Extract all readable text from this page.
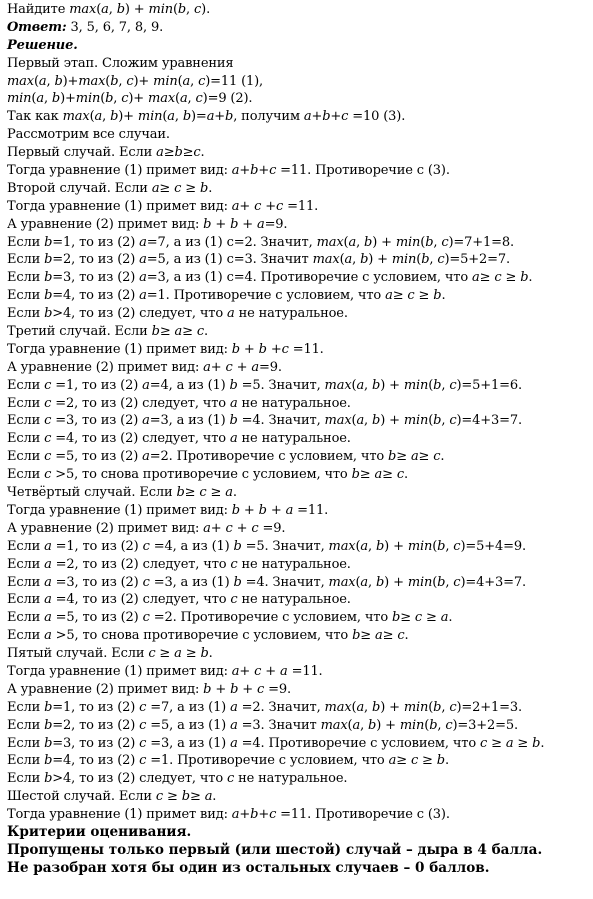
Найдите max(a, b) + min(b, c).
Ответ: 3, 5, 6, 7, 8, 9.
Решение.
Первый этап. Сложим уравнения
max(a, b)+max(b, c)+ min(a, c)=11 (1),
min(a, b)+min(b, c)+ max(a, c)=9 (2).
Так как max(a, b)+ min(a, b)=a+b, получим a+b+c =10 (3).
Рассмотрим все случаи.
Первый случай. Если a≥b≥c.
Тогда уравнение (1) примет вид: a+b+c =11. Противоречие с (3).
Второй случай. Если a≥ c ≥ b.
Тогда уравнение (1) примет вид: a+ c +c =11.
А уравнение (2) примет вид: b + b + a=9.
Если b=1, то из (2) a=7, а из (1) c=2. Значит, max(a, b) + min(b, c)=7+1=8.
Если b=2, то из (2) a=5, а из (1) c=3. Значит max(a, b) + min(b, c)=5+2=7.
Если b=3, то из (2) a=3, а из (1) c=4. Противоречие с условием, что a≥ c ≥ b.
Если b=4, то из (2) a=1. Противоречие с условием, что a≥ c ≥ b.
Если b>4, то из (2) следует, что a не натуральное.
Третий случай. Если b≥ a≥ c.
Тогда уравнение (1) примет вид: b + b +c =11.
А уравнение (2) примет вид: a+ c + a=9.
Если c =1, то из (2) a=4, а из (1) b =5. Значит, max(a, b) + min(b, c)=5+1=6.
Если c =2, то из (2) следует, что a не натуральное.
Если c =3, то из (2) a=3, а из (1) b =4. Значит, max(a, b) + min(b, c)=4+3=7.
Если c =4, то из (2) следует, что a не натуральное.
Если c =5, то из (2) a=2. Противоречие с условием, что b≥ a≥ c.
Если c >5, то снова противоречие с условием, что b≥ a≥ c.
Четвёртый случай. Если b≥ c ≥ a.
Тогда уравнение (1) примет вид: b + b + a =11.
А уравнение (2) примет вид: a+ c + c =9.
Если a =1, то из (2) c =4, а из (1) b =5. Значит, max(a, b) + min(b, c)=5+4=9.
Если a =2, то из (2) следует, что c не натуральное.
Если a =3, то из (2) c =3, а из (1) b =4. Значит, max(a, b) + min(b, c)=4+3=7.
Если a =4, то из (2) следует, что c не натуральное.
Если a =5, то из (2) c =2. Противоречие с условием, что b≥ c ≥ a.
Если a >5, то снова противоречие с условием, что b≥ a≥ c.
Пятый случай. Если c ≥ a ≥ b.
Тогда уравнение (1) примет вид: a+ c + a =11.
А уравнение (2) примет вид: b + b + c =9.
Если b=1, то из (2) c =7, а из (1) a =2. Значит, max(a, b) + min(b, c)=2+1=3.
Если b=2, то из (2) c =5, а из (1) a =3. Значит max(a, b) + min(b, c)=3+2=5.
Если b=3, то из (2) c =3, а из (1) a =4. Противоречие с условием, что c ≥ a ≥ b.
Если b=4, то из (2) c =1. Противоречие с условием, что a≥ c ≥ b.
Если b>4, то из (2) следует, что c не натуральное.
Шестой случай. Если c ≥ b≥ a.
Тогда уравнение (1) примет вид: a+b+c =11. Противоречие с (3).
Критерии оценивания.
Пропущены только первый (или шестой) случай – дыра в 4 балла.
Не разобран хотя бы один из остальных случаев – 0 баллов.
